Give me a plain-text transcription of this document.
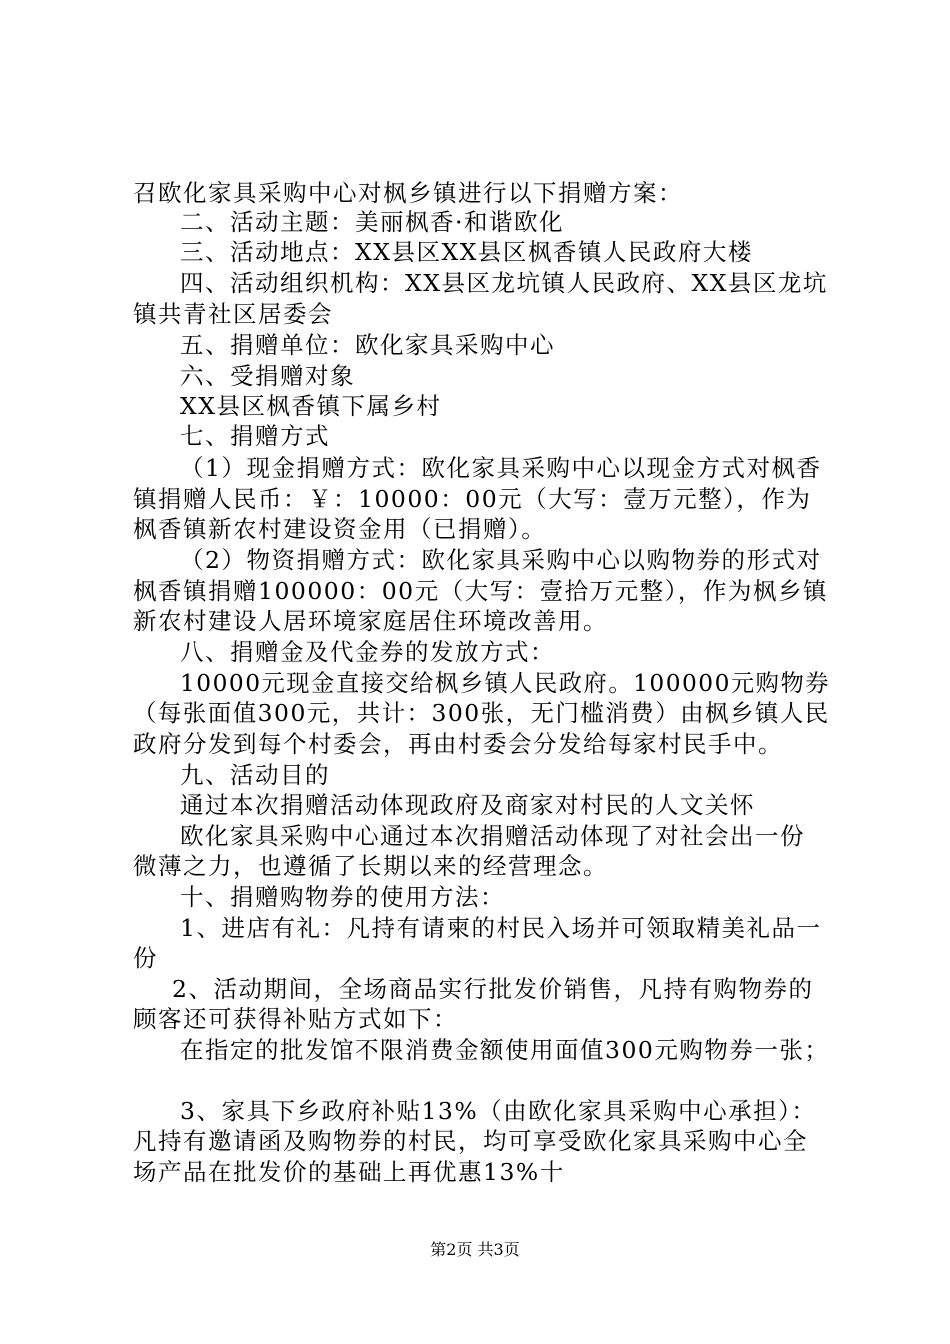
召欧化家具采购中心对枫乡镇进行以下捐赠方案：
二、活动主题：美丽枫香·和谐欧化
三、活动地点：XX县区XX县区枫香镇人民政府大楼
四、活动组织机构：XX县区龙坑镇人民政府、XX县区龙坑
镇共青社区居委会
五、捐赠单位：欧化家具采购中心
六、受捐赠对象
XX县区枫香镇下属乡村
七、捐赠方式
（1）现金捐赠方式：欧化家具采购中心以现金方式对枫香
镇捐赠人民币：￥：10000：00元（大写：壹万元整），作为
枫香镇新农村建设资金用（已捐赠）。
（2）物资捐赠方式：欧化家具采购中心以购物券的形式对
枫香镇捐赠100000：00元（大写：壹拾万元整），作为枫乡镇
新农村建设人居环境家庭居住环境改善用。
八、捐赠金及代金券的发放方式：
10000元现金直接交给枫乡镇人民政府。100000元购物券
（每张面值300元，共计：300张，无门槛消费）由枫乡镇人民
政府分发到每个村委会，再由村委会分发给每家村民手中。
九、活动目的
通过本次捐赠活动体现政府及商家对村民的人文关怀
欧化家具采购中心通过本次捐赠活动体现了对社会出一份
微薄之力，也遵循了长期以来的经营理念。
十、捐赠购物券的使用方法：
1、进店有礼：凡持有请柬的村民入场并可领取精美礼品一
份
2、活动期间，全场商品实行批发价销售，凡持有购物券的
顾客还可获得补贴方式如下：
在指定的批发馆不限消费金额使用面值300元购物券一张；
3、家具下乡政府补贴13%（由欧化家具采购中心承担）：
凡持有邀请函及购物券的村民，均可享受欧化家具采购中心全
场产品在批发价的基础上再优惠13%十
第2页 共3页
